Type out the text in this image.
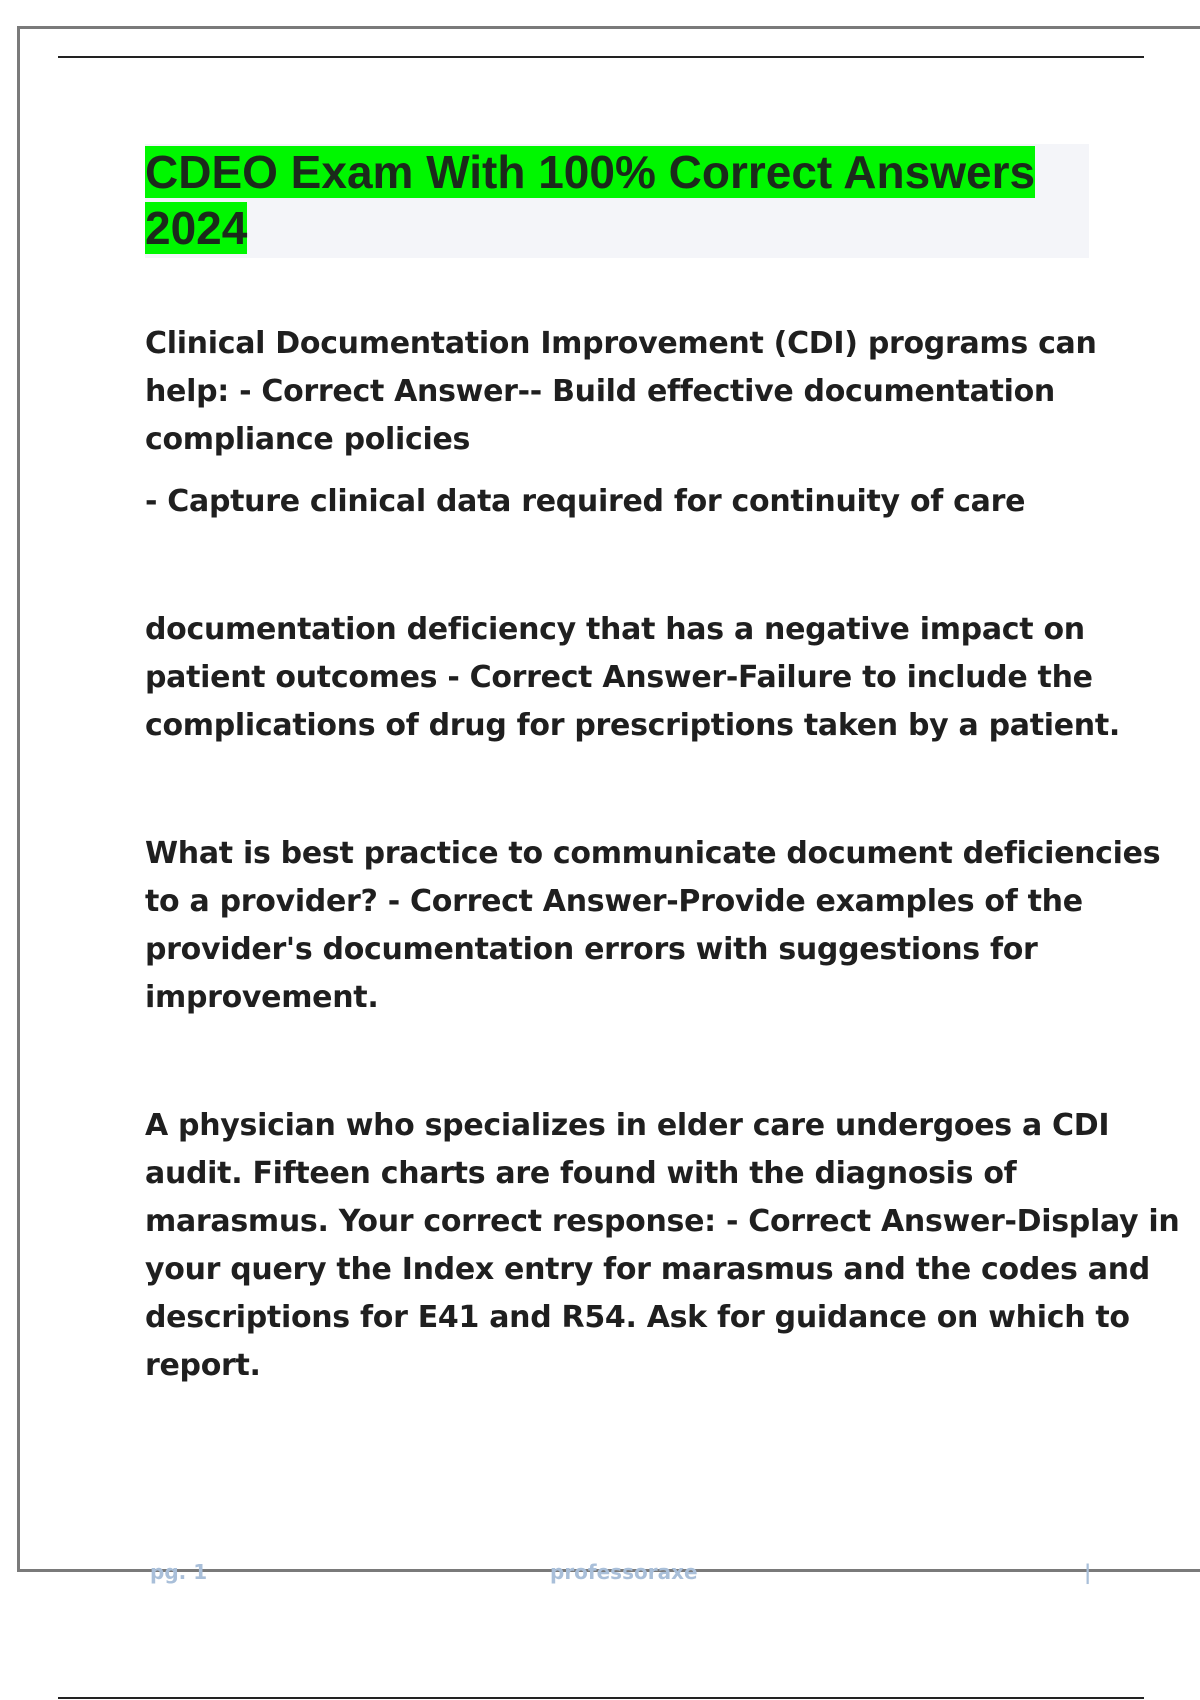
CDEO Exam With 100% Correct Answers
2024

Clinical Documentation Improvement (CDI) programs can
help: - Correct Answer-- Build effective documentation
compliance policies

- Capture clinical data required for continuity of care

documentation deficiency that has a negative impact on
patient outcomes - Correct Answer-Failure to include the
complications of drug for prescriptions taken by a patient.

What is best practice to communicate document deficiencies
to a provider? - Correct Answer-Provide examples of the
provider's documentation errors with suggestions for
improvement.

A physician who specializes in elder care undergoes a CDI
audit. Fifteen charts are found with the diagnosis of
marasmus. Your correct response: - Correct Answer-Display in
your query the Index entry for marasmus and the codes and
descriptions for E41 and R54. Ask for guidance on which to
report.

pg. 1	professoraxe	|
